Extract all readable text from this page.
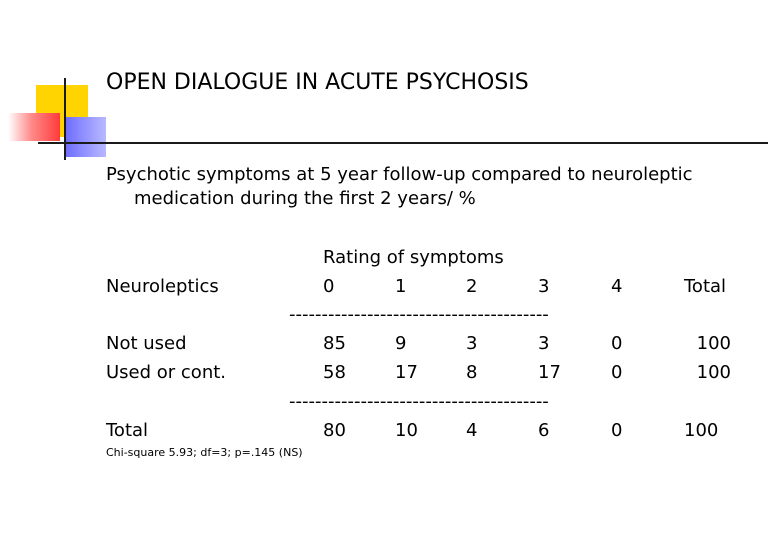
OPEN DIALOGUE IN ACUTE PSYCHOSIS
Psychotic symptoms at 5 year follow-up compared to neuroleptic
medication during the first 2 years/ %
Rating of symptoms
Neuroleptics	0	1	2	3	4	Total
----------------------------------------
Not used	85	9	3	3	0	100
Used or cont.	58	17	8	17	0	100
----------------------------------------
Total	80	10	4	6	0	100
Chi-square 5.93; df=3; p=.145 (NS)
